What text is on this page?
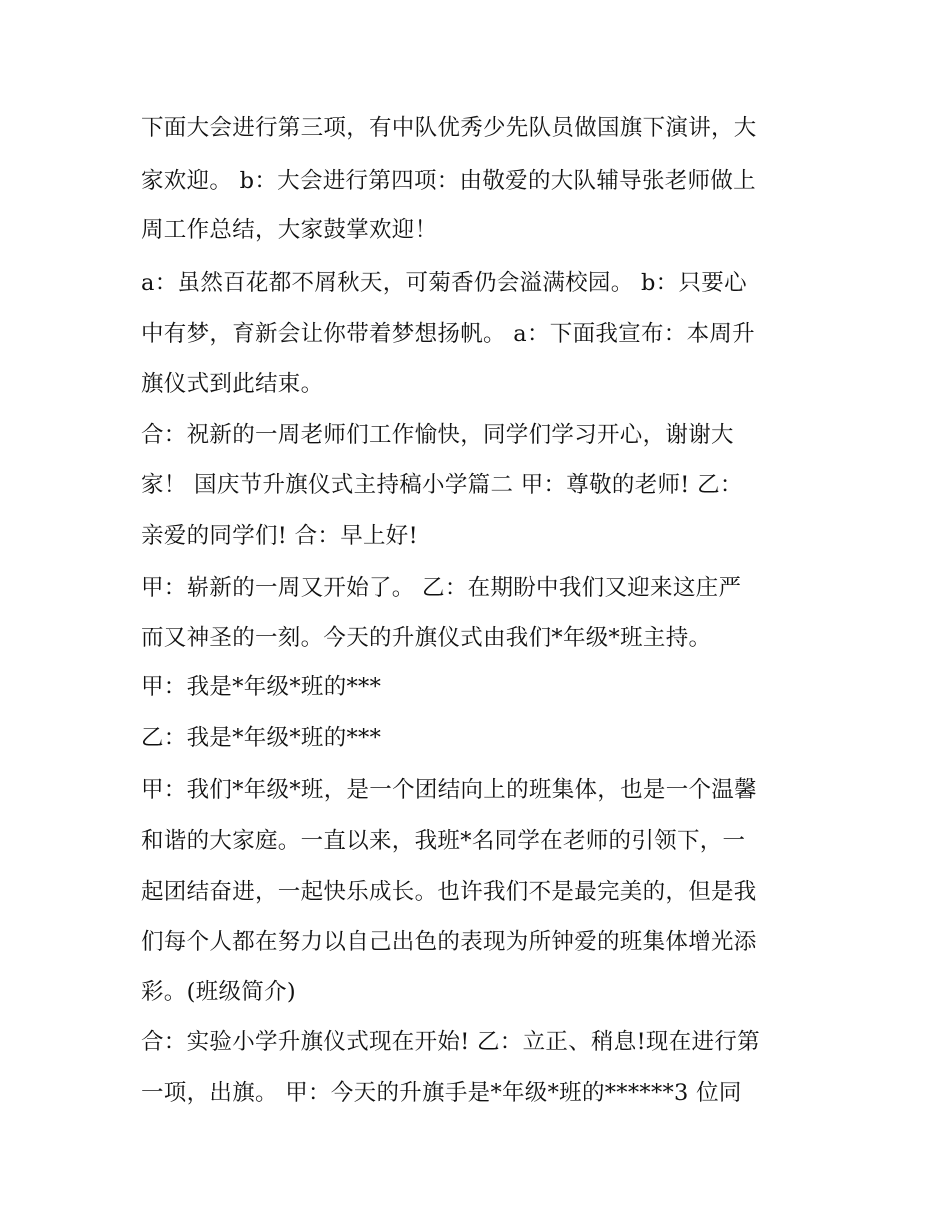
下面大会进行第三项，有中队优秀少先队员做国旗下演讲，大
家欢迎。 b：大会进行第四项：由敬爱的大队辅导张老师做上
周工作总结，大家鼓掌欢迎！
a：虽然百花都不屑秋天，可菊香仍会溢满校园。 b：只要心
中有梦，育新会让你带着梦想扬帆。 a：下面我宣布：本周升
旗仪式到此结束。
合：祝新的一周老师们工作愉快，同学们学习开心，谢谢大
家！ 国庆节升旗仪式主持稿小学篇二 甲：尊敬的老师! 乙：
亲爱的同学们! 合：早上好!
甲：崭新的一周又开始了。 乙：在期盼中我们又迎来这庄严
而又神圣的一刻。今天的升旗仪式由我们*年级*班主持。
甲：我是*年级*班的***
乙：我是*年级*班的***
甲：我们*年级*班，是一个团结向上的班集体，也是一个温馨
和谐的大家庭。一直以来，我班*名同学在老师的引领下，一
起团结奋进，一起快乐成长。也许我们不是最完美的，但是我
们每个人都在努力以自己出色的表现为所钟爱的班集体增光添
彩。(班级简介)
合：实验小学升旗仪式现在开始! 乙：立正、稍息!现在进行第
一项，出旗。 甲：今天的升旗手是*年级*班的******3 位同
